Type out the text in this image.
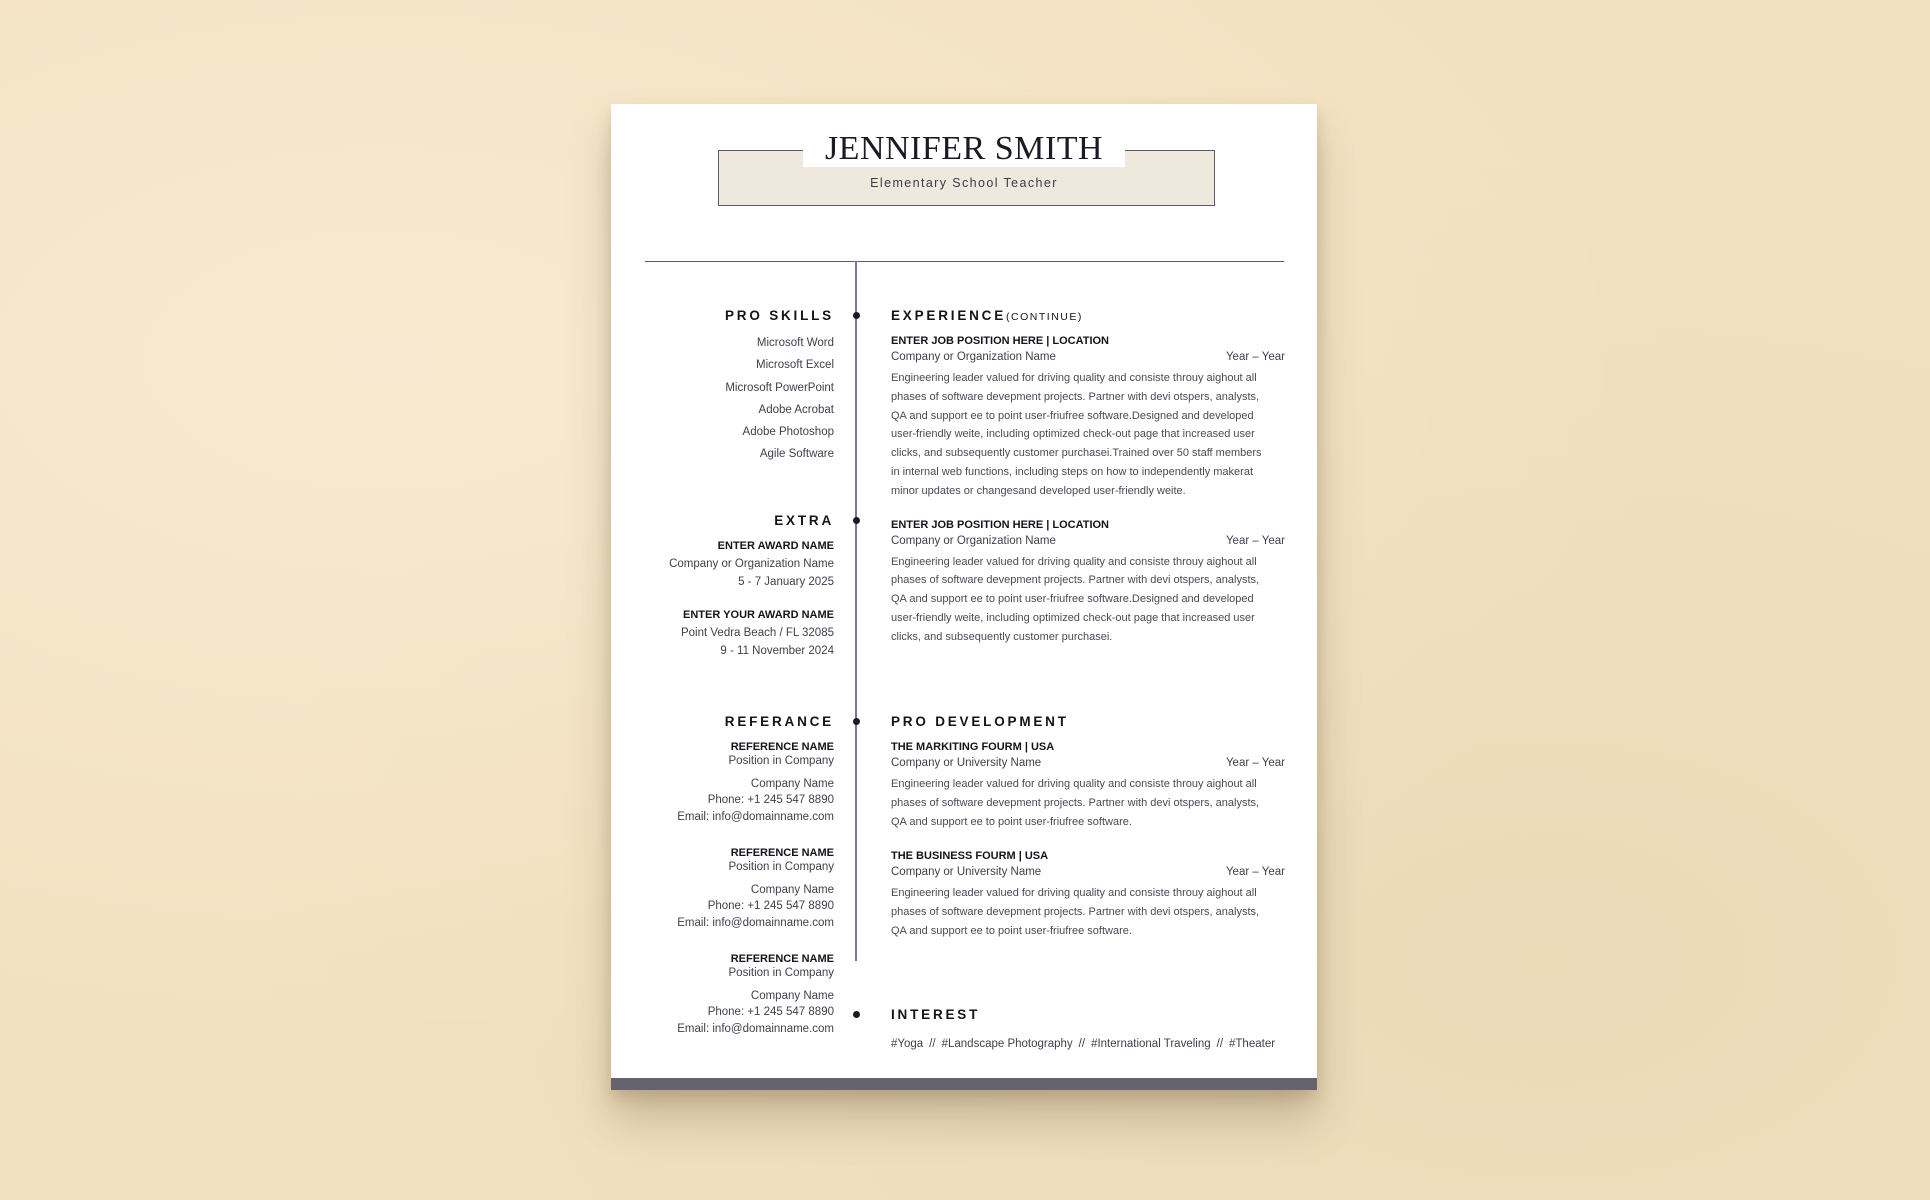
JENNIFER SMITH
Elementary School Teacher
PRO SKILLS
Microsoft Word
Microsoft Excel
Microsoft PowerPoint
Adobe Acrobat
Adobe Photoshop
Agile Software
EXTRA
ENTER AWARD NAME
Company or Organization Name
5 - 7 January 2025
ENTER YOUR AWARD NAME
Point Vedra Beach / FL 32085
9 - 11 November 2024
REFERANCE
REFERENCE NAME
Position in Company
Company Name
Phone: +1 245 547 8890
Email: info@domainname.com
REFERENCE NAME
Position in Company
Company Name
Phone: +1 245 547 8890
Email: info@domainname.com
REFERENCE NAME
Position in Company
Company Name
Phone: +1 245 547 8890
Email: info@domainname.com
EXPERIENCE(CONTINUE)
ENTER JOB POSITION HERE | LOCATION
Company or Organization Name	Year – Year
Engineering leader valued for driving quality and consiste throuy aighout all
phases of software devepment projects. Partner with devi otspers, analysts,
QA and support ee to point user-friufree software.Designed and developed
user-friendly weite, including optimized check-out page that increased user
clicks, and subsequently customer purchasei.Trained over 50 staff members
in internal web functions, including steps on how to independently makerat
minor updates or changesand developed user-friendly weite.
ENTER JOB POSITION HERE | LOCATION
Company or Organization Name	Year – Year
Engineering leader valued for driving quality and consiste throuy aighout all
phases of software devepment projects. Partner with devi otspers, analysts,
QA and support ee to point user-friufree software.Designed and developed
user-friendly weite, including optimized check-out page that increased user
clicks, and subsequently customer purchasei.
PRO DEVELOPMENT
THE MARKITING FOURM | USA
Company or University Name	Year – Year
Engineering leader valued for driving quality and consiste throuy aighout all
phases of software devepment projects. Partner with devi otspers, analysts,
QA and support ee to point user-friufree software.
THE BUSINESS FOURM | USA
Company or University Name	Year – Year
Engineering leader valued for driving quality and consiste throuy aighout all
phases of software devepment projects. Partner with devi otspers, analysts,
QA and support ee to point user-friufree software.
INTEREST
#Yoga // #Landscape Photography // #International Traveling // #Theater
